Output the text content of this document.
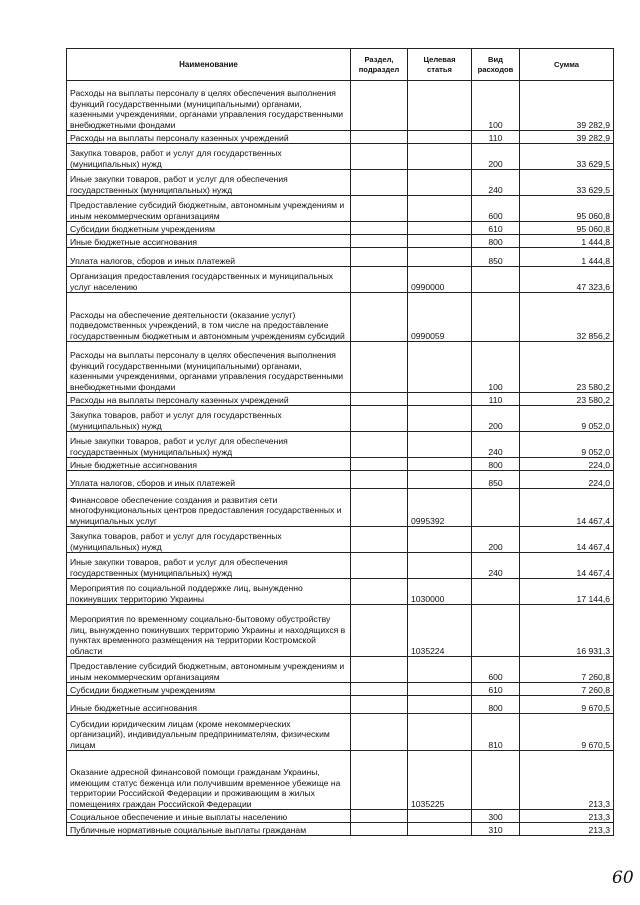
Наименование	Раздел, подраздел	Целевая статья	Вид расходов	Сумма
Расходы на выплаты персоналу в целях обеспечения выполнения функций государственными (муниципальными) органами, казенными учреждениями, органами управления государственными внебюджетными фондами			100	39 282,9
Расходы на выплаты персоналу казенных учреждений			110	39 282,9
Закупка товаров, работ и услуг для государственных (муниципальных) нужд			200	33 629,5
Иные закупки товаров, работ и услуг для обеспечения государственных (муниципальных) нужд			240	33 629,5
Предоставление субсидий бюджетным, автономным учреждениям и иным некоммерческим организациям			600	95 060,8
Субсидии бюджетным учреждениям			610	95 060,8
Иные бюджетные ассигнования			800	1 444,8
Уплата налогов, сборов и иных платежей			850	1 444,8
Организация предоставления государственных и муниципальных услуг населению		0990000		47 323,6
Расходы на обеспечение деятельности (оказание услуг) подведомственных учреждений, в том числе на предоставление государственным бюджетным и автономным учреждениям субсидий		0990059		32 856,2
Расходы на выплаты персоналу в целях обеспечения выполнения функций государственными (муниципальными) органами, казенными учреждениями, органами управления государственными внебюджетными фондами			100	23 580,2
Расходы на выплаты персоналу казенных учреждений			110	23 580,2
Закупка товаров, работ и услуг для государственных (муниципальных) нужд			200	9 052,0
Иные закупки товаров, работ и услуг для обеспечения государственных (муниципальных) нужд			240	9 052,0
Иные бюджетные ассигнования			800	224,0
Уплата налогов, сборов и иных платежей			850	224,0
Финансовое обеспечение создания и развития сети многофункциональных центров предоставления государственных и муниципальных услуг		0995392		14 467,4
Закупка товаров, работ и услуг для государственных (муниципальных) нужд			200	14 467,4
Иные закупки товаров, работ и услуг для обеспечения государственных (муниципальных) нужд			240	14 467,4
Мероприятия по социальной поддержке лиц, вынужденно покинувших территорию Украины		1030000		17 144,6
Мероприятия по временному социально-бытовому обустройству лиц, вынужденно покинувших территорию Украины и находящихся в пунктах временного размещения на территории Костромской области		1035224		16 931,3
Предоставление субсидий бюджетным, автономным учреждениям и иным некоммерческим организациям			600	7 260,8
Субсидии бюджетным учреждениям			610	7 260,8
Иные бюджетные ассигнования			800	9 670,5
Субсидии юридическим лицам (кроме некоммерческих организаций), индивидуальным предпринимателям, физическим лицам			810	9 670,5
Оказание адресной финансовой помощи гражданам Украины, имеющим статус беженца или получившим временное убежище на территории Российской Федерации и проживающим в жилых помещениях граждан Российской Федерации		1035225		213,3
Социальное обеспечение и иные выплаты населению			300	213,3
Публичные нормативные социальные выплаты гражданам			310	213,3
60
